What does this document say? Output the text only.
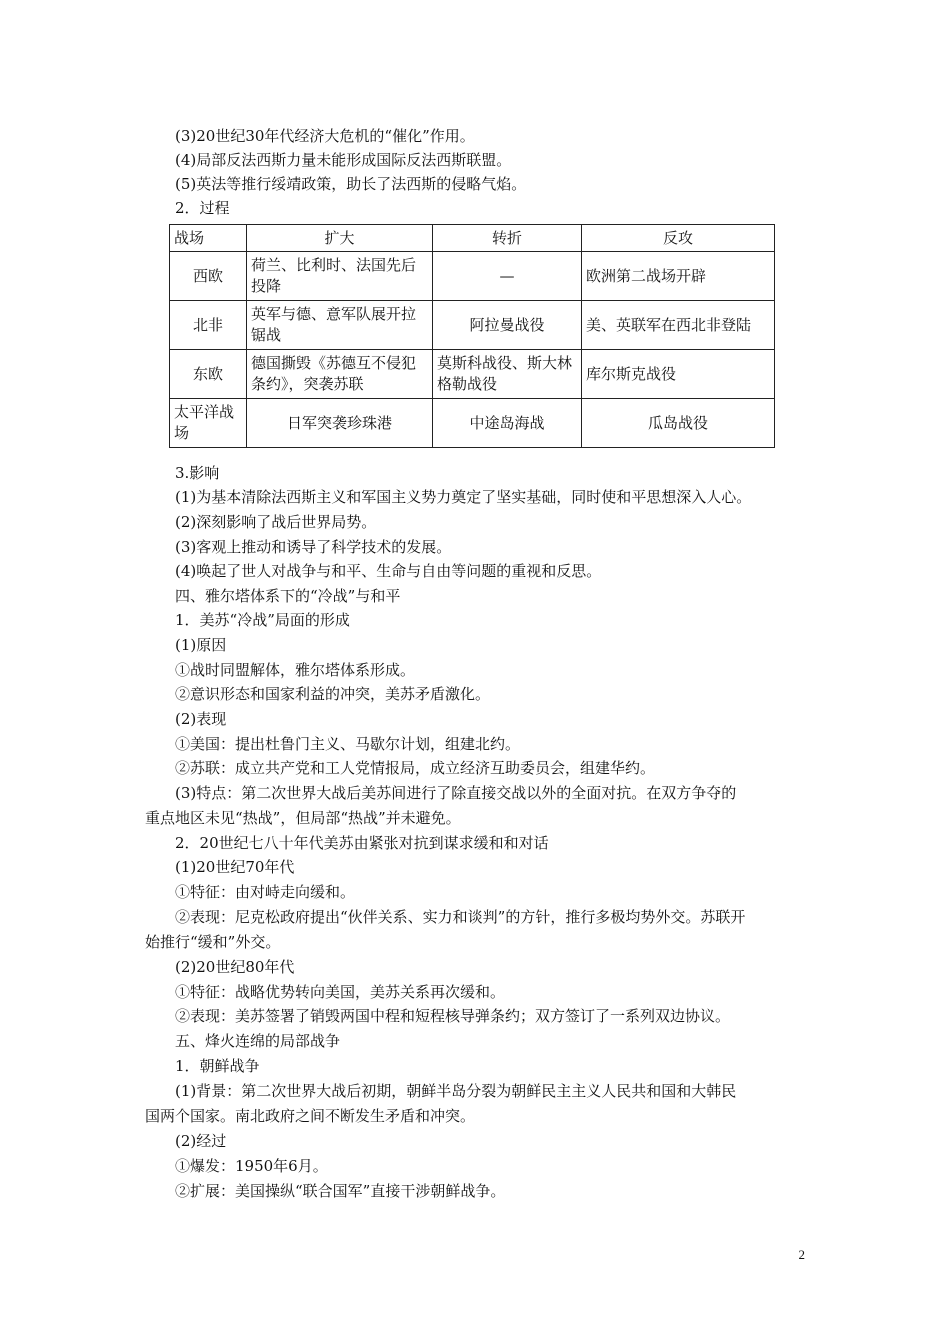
(3)20世纪30年代经济大危机的“催化”作用。
(4)局部反法西斯力量未能形成国际反法西斯联盟。
(5)英法等推行绥靖政策，助长了法西斯的侵略气焰。
2．过程
战场	扩大	转折	反攻
西欧	荷兰、比利时、法国先后投降	—	欧洲第二战场开辟
北非	英军与德、意军队展开拉锯战	阿拉曼战役	美、英联军在西北非登陆
东欧	德国撕毁《苏德互不侵犯条约》，突袭苏联	莫斯科战役、斯大林格勒战役	库尔斯克战役
太平洋战场	日军突袭珍珠港	中途岛海战	瓜岛战役
3.影响
(1)为基本清除法西斯主义和军国主义势力奠定了坚实基础，同时使和平思想深入人心。
(2)深刻影响了战后世界局势。
(3)客观上推动和诱导了科学技术的发展。
(4)唤起了世人对战争与和平、生命与自由等问题的重视和反思。
四、雅尔塔体系下的“冷战”与和平
1．美苏“冷战”局面的形成
(1)原因
①战时同盟解体，雅尔塔体系形成。
②意识形态和国家利益的冲突，美苏矛盾激化。
(2)表现
①美国：提出杜鲁门主义、马歇尔计划，组建北约。
②苏联：成立共产党和工人党情报局，成立经济互助委员会，组建华约。
(3)特点：第二次世界大战后美苏间进行了除直接交战以外的全面对抗。在双方争夺的
重点地区未见“热战”，但局部“热战”并未避免。
2．20世纪七八十年代美苏由紧张对抗到谋求缓和和对话
(1)20世纪70年代
①特征：由对峙走向缓和。
②表现：尼克松政府提出“伙伴关系、实力和谈判”的方针，推行多极均势外交。苏联开
始推行“缓和”外交。
(2)20世纪80年代
①特征：战略优势转向美国，美苏关系再次缓和。
②表现：美苏签署了销毁两国中程和短程核导弹条约；双方签订了一系列双边协议。
五、烽火连绵的局部战争
1．朝鲜战争
(1)背景：第二次世界大战后初期，朝鲜半岛分裂为朝鲜民主主义人民共和国和大韩民
国两个国家。南北政府之间不断发生矛盾和冲突。
(2)经过
①爆发：1950年6月。
②扩展：美国操纵“联合国军”直接干涉朝鲜战争。
2
